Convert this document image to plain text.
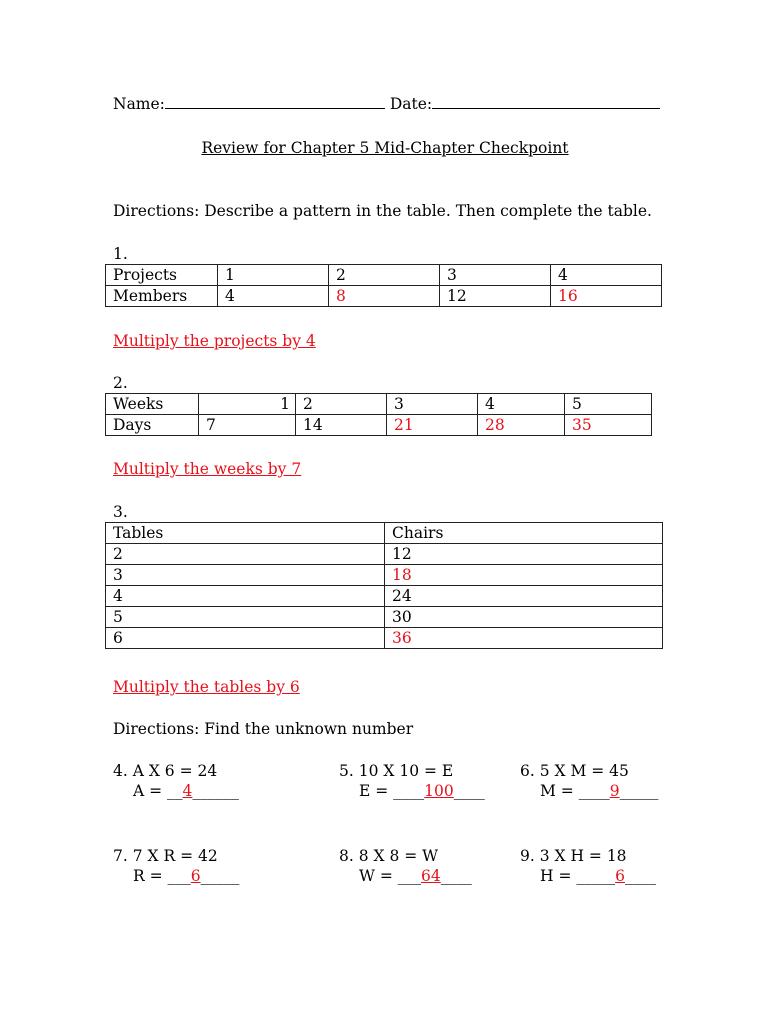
Name:	Date:
Review for Chapter 5 Mid-Chapter Checkpoint
Directions: Describe a pattern in the table. Then complete the table.
1.
Projects	1	2	3	4
Members	4	8	12	16
Multiply the projects by 4
2.
Weeks	1	2	3	4	5
Days	7	14	21	28	35
Multiply the weeks by 7
3.
Tables	Chairs
2	12
3	18
4	24
5	30
6	36
Multiply the tables by 6
Directions: Find the unknown number
4. A X 6 = 24
A = __4______
5. 10 X 10 = E
E = ____100____
6. 5 X M = 45
M = ____9_____
7. 7 X R = 42
R = ___6_____
8. 8 X 8 = W
W = ___64____
9. 3 X H = 18
H = _____6____
